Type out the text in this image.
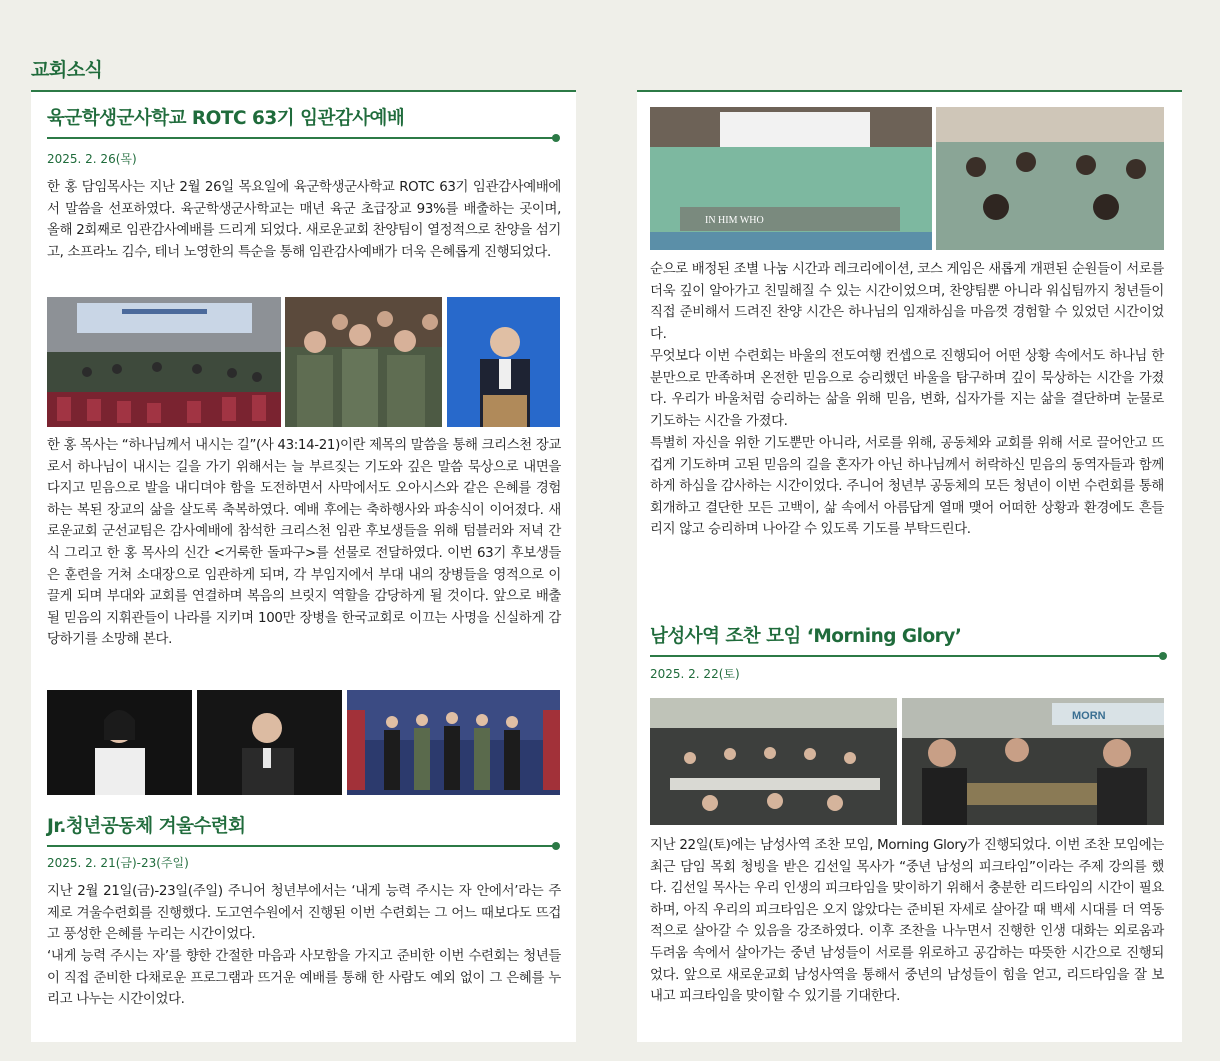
교회소식
육군학생군사학교 ROTC 63기 임관감사예배

2025. 2. 26(목)

한 홍 담임목사는 지난 2월 26일 목요일에 육군학생군사학교 ROTC 63기 임관감사예배에서 말씀을 선포하였다. 육군학생군사학교는 매년 육군 초급장교 93%를 배출하는 곳이며, 올해 2회째로 임관감사예배를 드리게 되었다. 새로운교회 찬양팀이 열정적으로 찬양을 섬기고, 소프라노 김수, 테너 노영한의 특순을 통해 임관감사예배가 더욱 은혜롭게 진행되었다.

한 홍 목사는 “하나님께서 내시는 길”(사 43:14-21)이란 제목의 말씀을 통해 크리스천 장교로서 하나님이 내시는 길을 가기 위해서는 늘 부르짖는 기도와 깊은 말씀 묵상으로 내면을 다지고 믿음으로 발을 내디뎌야 함을 도전하면서 사막에서도 오아시스와 같은 은혜를 경험하는 복된 장교의 삶을 살도록 축복하였다. 예배 후에는 축하행사와 파송식이 이어졌다. 새로운교회 군선교팀은 감사예배에 참석한 크리스천 임관 후보생들을 위해 텀블러와 저녁 간식 그리고 한 홍 목사의 신간 <거룩한 돌파구>를 선물로 전달하였다. 이번 63기 후보생들은 훈련을 거쳐 소대장으로 임관하게 되며, 각 부임지에서 부대 내의 장병들을 영적으로 이끌게 되며 부대와 교회를 연결하며 복음의 브릿지 역할을 감당하게 될 것이다. 앞으로 배출될 믿음의 지휘관들이 나라를 지키며 100만 장병을 한국교회로 이끄는 사명을 신실하게 감당하기를 소망해 본다.

Jr.청년공동체 겨울수련회

2025. 2. 21(금)-23(주일)

지난 2월 21일(금)-23일(주일) 주니어 청년부에서는 ‘내게 능력 주시는 자 안에서’라는 주제로 겨울수련회를 진행했다. 도고연수원에서 진행된 이번 수련회는 그 어느 때보다도 뜨겁고 풍성한 은혜를 누리는 시간이었다.

‘내게 능력 주시는 자’를 향한 간절한 마음과 사모함을 가지고 준비한 이번 수련회는 청년들이 직접 준비한 다채로운 프로그램과 뜨거운 예배를 통해 한 사람도 예외 없이 그 은혜를 누리고 나누는 시간이었다.

IN HIM WHO

순으로 배정된 조별 나눔 시간과 레크리에이션, 코스 게임은 새롭게 개편된 순원들이 서로를 더욱 깊이 알아가고 친밀해질 수 있는 시간이었으며, 찬양팀뿐 아니라 워십팀까지 청년들이 직접 준비해서 드려진 찬양 시간은 하나님의 임재하심을 마음껏 경험할 수 있었던 시간이었다.

무엇보다 이번 수련회는 바울의 전도여행 컨셉으로 진행되어 어떤 상황 속에서도 하나님 한 분만으로 만족하며 온전한 믿음으로 승리했던 바울을 탐구하며 깊이 묵상하는 시간을 가졌다. 우리가 바울처럼 승리하는 삶을 위해 믿음, 변화, 십자가를 지는 삶을 결단하며 눈물로 기도하는 시간을 가졌다.

특별히 자신을 위한 기도뿐만 아니라, 서로를 위해, 공동체와 교회를 위해 서로 끌어안고 뜨겁게 기도하며 고된 믿음의 길을 혼자가 아닌 하나님께서 허락하신 믿음의 동역자들과 함께하게 하심을 감사하는 시간이었다. 주니어 청년부 공동체의 모든 청년이 이번 수련회를 통해 회개하고 결단한 모든 고백이, 삶 속에서 아름답게 열매 맺어 어떠한 상황과 환경에도 흔들리지 않고 승리하며 나아갈 수 있도록 기도를 부탁드린다.

남성사역 조찬 모임 ‘Morning Glory’

2025. 2. 22(토)

MORN

지난 22일(토)에는 남성사역 조찬 모임, Morning Glory가 진행되었다. 이번 조찬 모임에는 최근 담임 목회 청빙을 받은 김선일 목사가 “중년 남성의 피크타임”이라는 주제 강의를 했다. 김선일 목사는 우리 인생의 피크타임을 맞이하기 위해서 충분한 리드타임의 시간이 필요하며, 아직 우리의 피크타임은 오지 않았다는 준비된 자세로 살아갈 때 백세 시대를 더 역동적으로 살아갈 수 있음을 강조하였다. 이후 조찬을 나누면서 진행한 인생 대화는 외로움과 두려움 속에서 살아가는 중년 남성들이 서로를 위로하고 공감하는 따뜻한 시간으로 진행되었다. 앞으로 새로운교회 남성사역을 통해서 중년의 남성들이 힘을 얻고, 리드타임을 잘 보내고 피크타임을 맞이할 수 있기를 기대한다.
